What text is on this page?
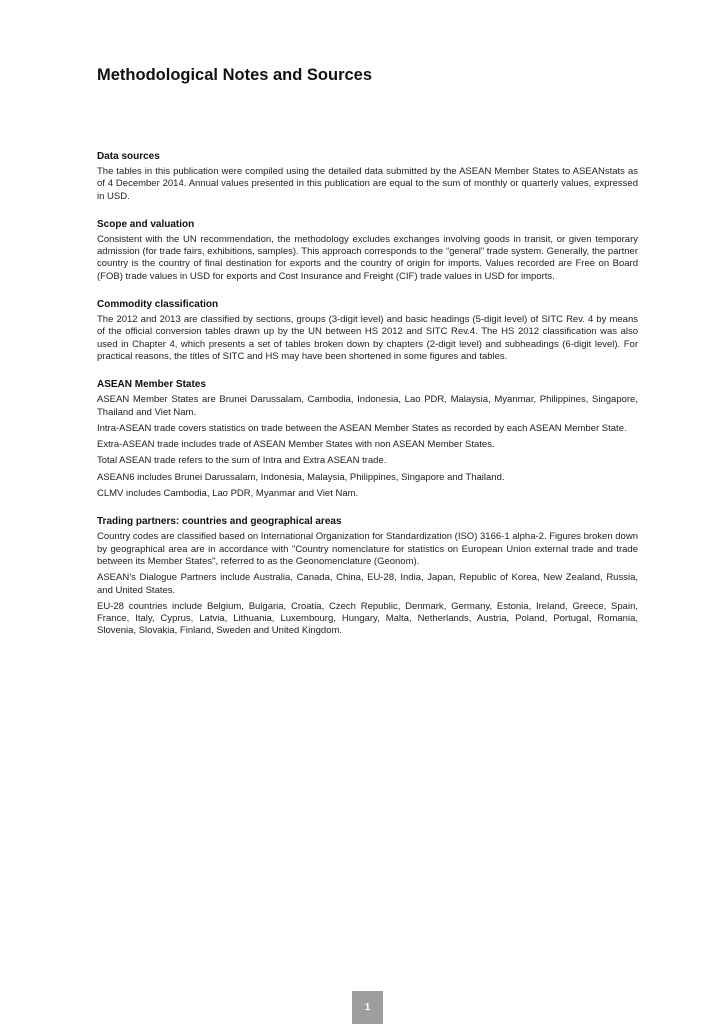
Methodological Notes and Sources
Data sources

The tables in this publication were compiled using the detailed data submitted by the ASEAN Member States to ASEANstats as of 4 December 2014. Annual values presented in this publication are equal to the sum of monthly or quarterly values, expressed in USD.

Scope and valuation

Consistent with the UN recommendation, the methodology excludes exchanges involving goods in transit, or given temporary admission (for trade fairs, exhibitions, samples). This approach corresponds to the “general” trade system. Generally, the partner country is the country of final destination for exports and the country of origin for imports. Values recorded are Free on Board (FOB) trade values in USD for exports and Cost Insurance and Freight (CIF) trade values in USD for imports.

Commodity classification

The 2012 and 2013 are classified by sections, groups (3-digit level) and basic headings (5-digit level) of SITC Rev. 4 by means of the official conversion tables drawn up by the UN between HS 2012 and SITC Rev.4. The HS 2012 classification was also used in Chapter 4, which presents a set of tables broken down by chapters (2-digit level) and subheadings (6-digit level). For practical reasons, the titles of SITC and HS may have been shortened in some figures and tables.

ASEAN Member States

ASEAN Member States are Brunei Darussalam, Cambodia, Indonesia, Lao PDR, Malaysia, Myanmar, Philippines, Singapore, Thailand and Viet Nam.

Intra-ASEAN trade covers statistics on trade between the ASEAN Member States as recorded by each ASEAN Member State.

Extra-ASEAN trade includes trade of ASEAN Member States with non ASEAN Member States.

Total ASEAN trade refers to the sum of Intra and Extra ASEAN trade.

ASEAN6 includes Brunei Darussalam, Indonesia, Malaysia, Philippines, Singapore and Thailand.

CLMV includes Cambodia, Lao PDR, Myanmar and Viet Nam.

Trading partners: countries and geographical areas

Country codes are classified based on International Organization for Standardization (ISO) 3166-1 alpha-2. Figures broken down by geographical area are in accordance with "Country nomenclature for statistics on European Union external trade and trade between its Member States", referred to as the Geonomenclature (Geonom).

ASEAN’s Dialogue Partners include Australia, Canada, China, EU-28, India, Japan, Republic of Korea, New Zealand, Russia, and United States.

EU-28 countries include Belgium, Bulgaria, Croatia, Czech Republic, Denmark, Germany, Estonia, Ireland, Greece, Spain, France, Italy, Cyprus, Latvia, Lithuania, Luxembourg, Hungary, Malta, Netherlands, Austria, Poland, Portugal, Romania, Slovenia, Slovakia, Finland, Sweden and United Kingdom.

1
